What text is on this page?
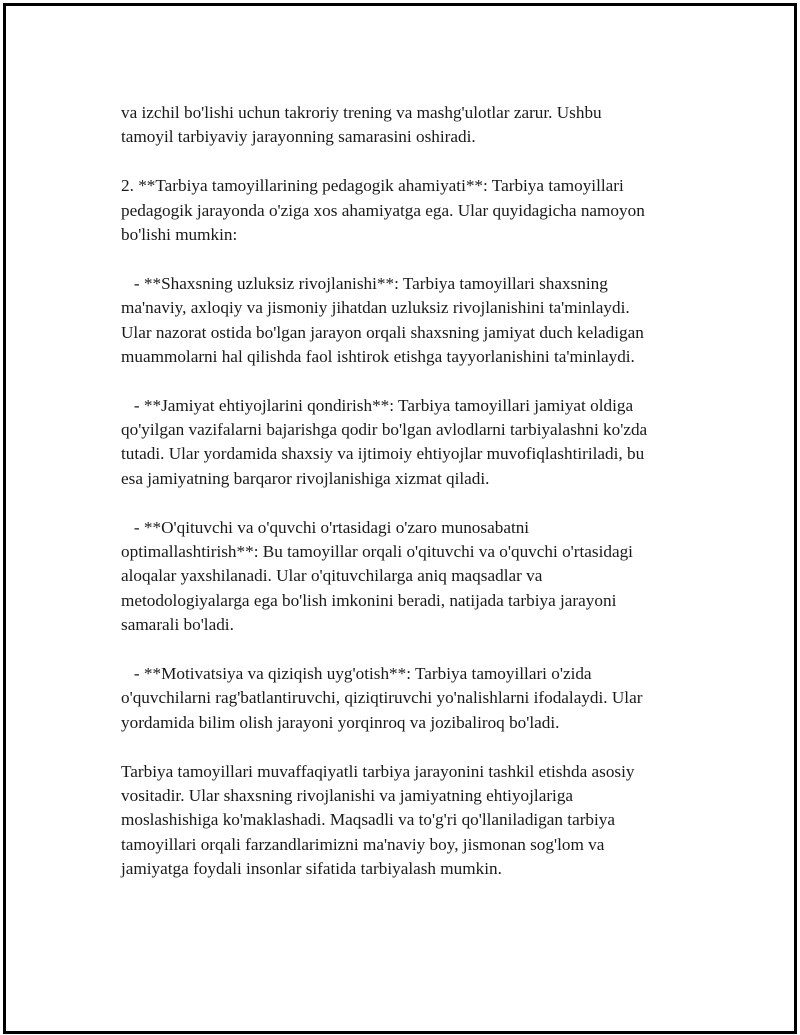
va izchil bo'lishi uchun takroriy trening va mashg'ulotlar zarur. Ushbu
tamoyil tarbiyaviy jarayonning samarasini oshiradi.
2. **Tarbiya tamoyillarining pedagogik ahamiyati**: Tarbiya tamoyillari
pedagogik jarayonda o'ziga xos ahamiyatga ega. Ular quyidagicha namoyon
bo'lishi mumkin:
- **Shaxsning uzluksiz rivojlanishi**: Tarbiya tamoyillari shaxsning
ma'naviy, axloqiy va jismoniy jihatdan uzluksiz rivojlanishini ta'minlaydi.
Ular nazorat ostida bo'lgan jarayon orqali shaxsning jamiyat duch keladigan
muammolarni hal qilishda faol ishtirok etishga tayyorlanishini ta'minlaydi.
- **Jamiyat ehtiyojlarini qondirish**: Tarbiya tamoyillari jamiyat oldiga
qo'yilgan vazifalarni bajarishga qodir bo'lgan avlodlarni tarbiyalashni ko'zda
tutadi. Ular yordamida shaxsiy va ijtimoiy ehtiyojlar muvofiqlashtiriladi, bu
esa jamiyatning barqaror rivojlanishiga xizmat qiladi.
- **O'qituvchi va o'quvchi o'rtasidagi o'zaro munosabatni
optimallashtirish**: Bu tamoyillar orqali o'qituvchi va o'quvchi o'rtasidagi
aloqalar yaxshilanadi. Ular o'qituvchilarga aniq maqsadlar va
metodologiyalarga ega bo'lish imkonini beradi, natijada tarbiya jarayoni
samarali bo'ladi.
- **Motivatsiya va qiziqish uyg'otish**: Tarbiya tamoyillari o'zida
o'quvchilarni rag'batlantiruvchi, qiziqtiruvchi yo'nalishlarni ifodalaydi. Ular
yordamida bilim olish jarayoni yorqinroq va jozibaliroq bo'ladi.
Tarbiya tamoyillari muvaffaqiyatli tarbiya jarayonini tashkil etishda asosiy
vositadir. Ular shaxsning rivojlanishi va jamiyatning ehtiyojlariga
moslashishiga ko'maklashadi. Maqsadli va to'g'ri qo'llaniladigan tarbiya
tamoyillari orqali farzandlarimizni ma'naviy boy, jismonan sog'lom va
jamiyatga foydali insonlar sifatida tarbiyalash mumkin.
